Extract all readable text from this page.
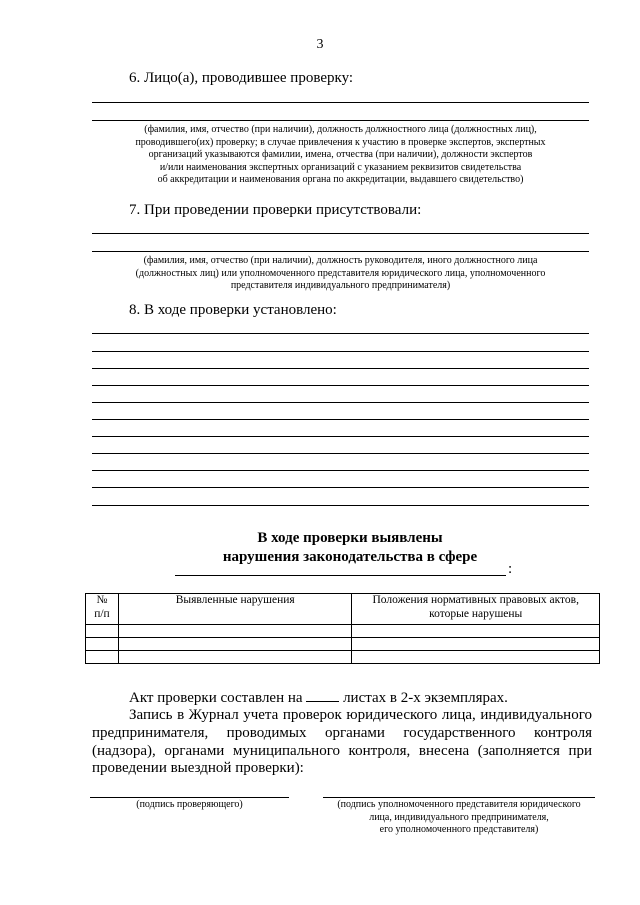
3
6. Лицо(а), проводившее проверку:
(фамилия, имя, отчество (при наличии), должность должностного лица (должностных лиц),
проводившего(их) проверку; в случае привлечения к участию в проверке экспертов, экспертных
организаций указываются фамилии, имена, отчества (при наличии), должности экспертов
и/или наименования экспертных организаций с указанием реквизитов свидетельства
об аккредитации и наименования органа по аккредитации, выдавшего свидетельство)
7. При проведении проверки присутствовали:
(фамилия, имя, отчество (при наличии), должность руководителя, иного должностного лица
(должностных лиц) или уполномоченного представителя юридического лица, уполномоченного
представителя индивидуального предпринимателя)
8. В ходе проверки установлено:
В ходе проверки выявлены
нарушения законодательства в сфере
:
№
п/п	Выявленные нарушения	Положения нормативных правовых актов,
которые нарушены

Акт проверки составлен на  листах в 2-х экземплярах.
Запись в Журнал учета проверок юридического лица, индивидуального предпринимателя, проводимых органами государственного контроля (надзора), органами муниципального контроля, внесена (заполняется при проведении выездной проверки):
(подпись проверяющего)	(подпись уполномоченного представителя юридического
лица, индивидуального предпринимателя,
его уполномоченного представителя)
